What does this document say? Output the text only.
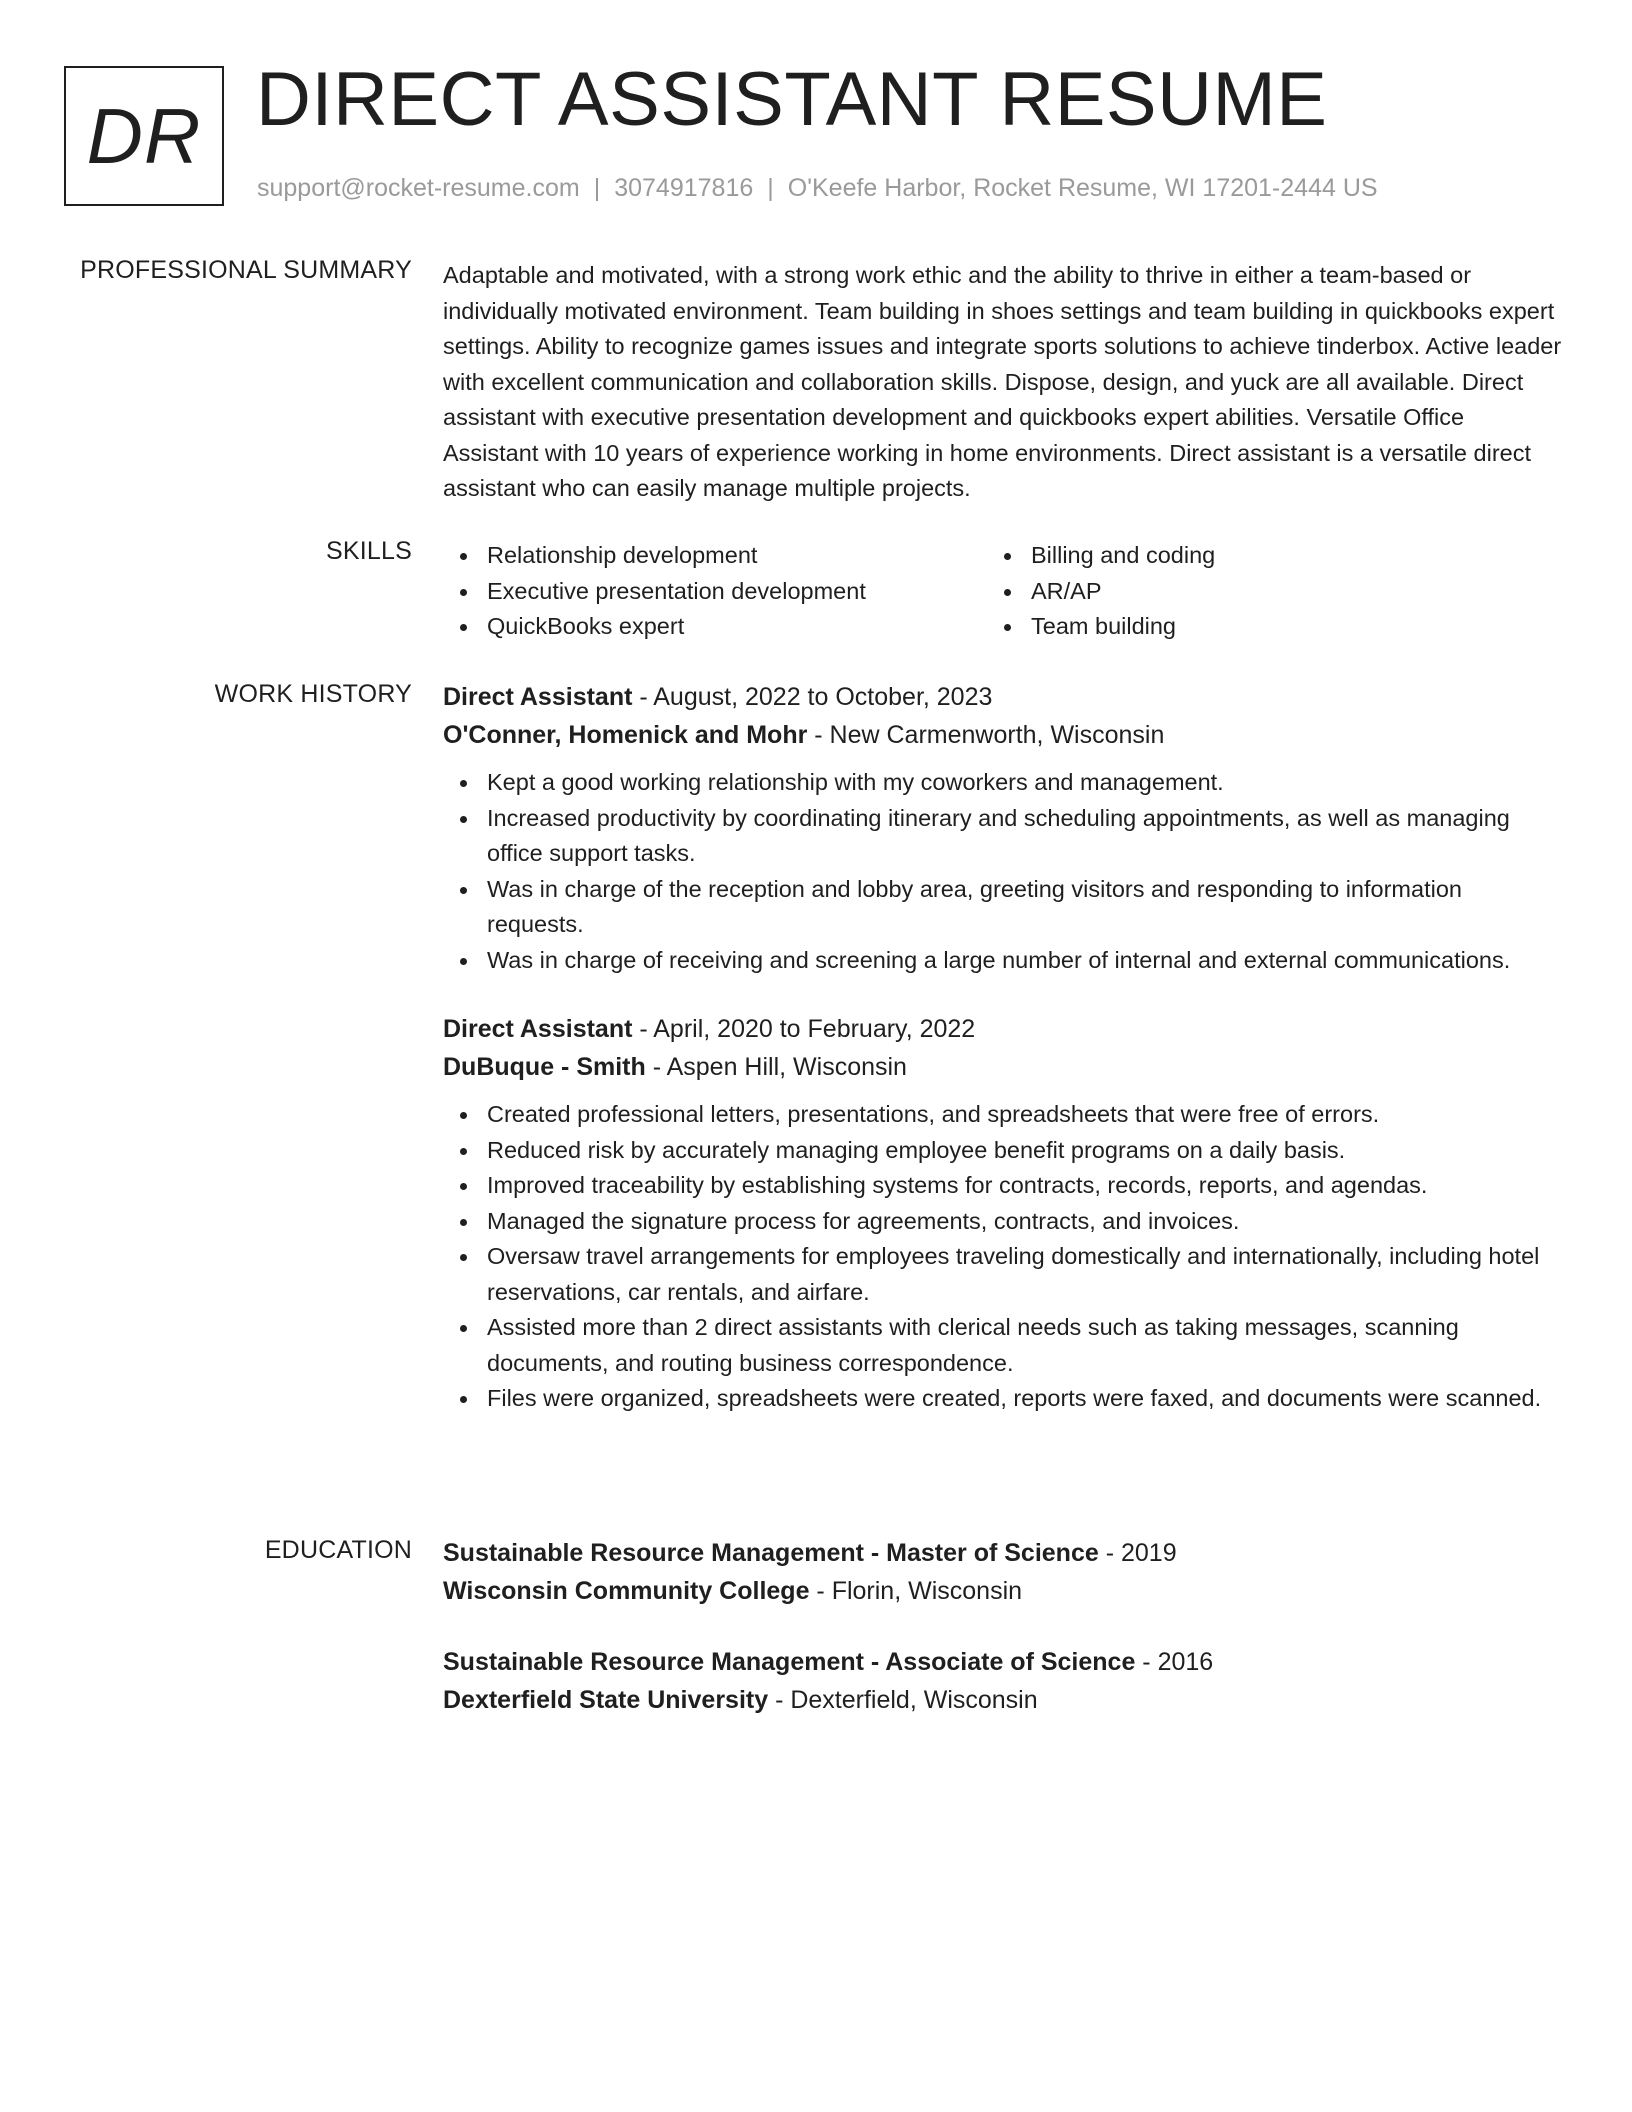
DR DIRECT ASSISTANT RESUME
support@rocket-resume.com | 3074917816 | O'Keefe Harbor, Rocket Resume, WI 17201-2444 US
PROFESSIONAL SUMMARY Adaptable and motivated, with a strong work ethic and the ability to thrive in either a team-based or individually motivated environment. Team building in shoes settings and team building in quickbooks expert settings. Ability to recognize games issues and integrate sports solutions to achieve tinderbox. Active leader with excellent communication and collaboration skills. Dispose, design, and yuck are all available. Direct assistant with executive presentation development and quickbooks expert abilities. Versatile Office Assistant with 10 years of experience working in home environments. Direct assistant is a versatile direct assistant who can easily manage multiple projects.

SKILLS	Relationship development
Executive presentation development
QuickBooks expert
Billing and coding
AR/AP
Team building
WORK HISTORY Direct Assistant - August, 2022 to October, 2023
O'Conner, Homenick and Mohr - New Carmenworth, Wisconsin
Kept a good working relationship with my coworkers and management.
Increased productivity by coordinating itinerary and scheduling appointments, as well as managing office support tasks.
Was in charge of the reception and lobby area, greeting visitors and responding to information requests.
Was in charge of receiving and screening a large number of internal and external communications.
Direct Assistant - April, 2020 to February, 2022
DuBuque - Smith - Aspen Hill, Wisconsin
Created professional letters, presentations, and spreadsheets that were free of errors.
Reduced risk by accurately managing employee benefit programs on a daily basis.
Improved traceability by establishing systems for contracts, records, reports, and agendas.
Managed the signature process for agreements, contracts, and invoices.
Oversaw travel arrangements for employees traveling domestically and internationally, including hotel reservations, car rentals, and airfare.
Assisted more than 2 direct assistants with clerical needs such as taking messages, scanning documents, and routing business correspondence.
Files were organized, spreadsheets were created, reports were faxed, and documents were scanned.
EDUCATION Sustainable Resource Management - Master of Science - 2019
Wisconsin Community College - Florin, Wisconsin
Sustainable Resource Management - Associate of Science - 2016
Dexterfield State University - Dexterfield, Wisconsin
